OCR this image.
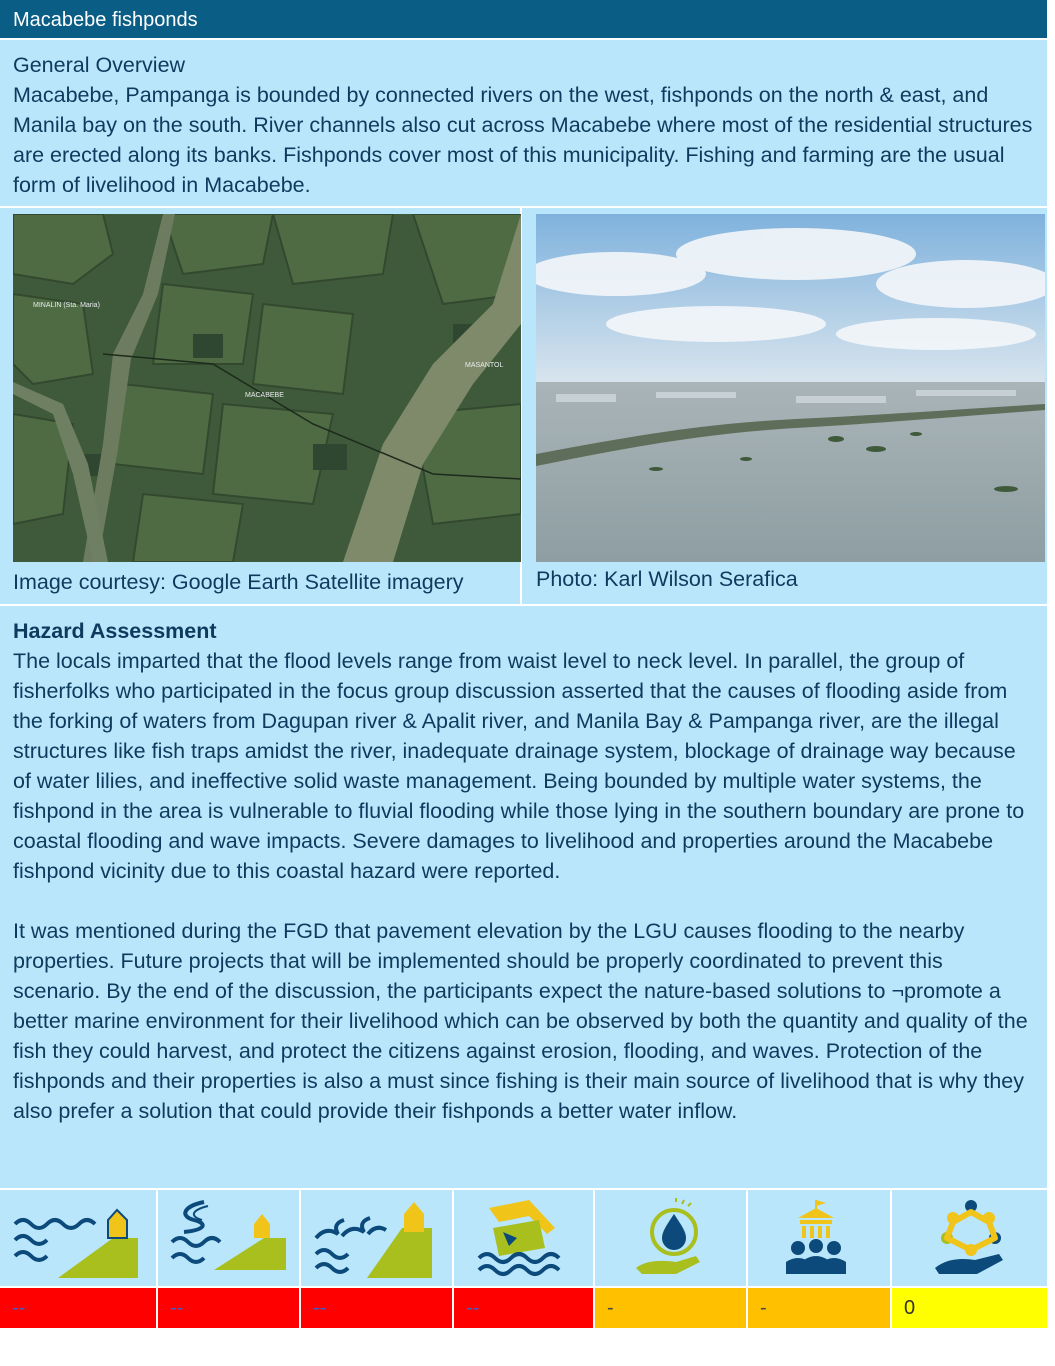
Macabebe fishponds
General Overview
Macabebe, Pampanga is bounded by connected rivers on the west, fishponds on the north & east, and Manila bay on the south. River channels also cut across Macabebe where most of the residential structures are erected along its banks. Fishponds cover most of this municipality. Fishing and farming are the usual form of livelihood in Macabebe.
MINALIN (Sta. Maria)
MACABEBE
MASANTOL
Image courtesy: Google Earth Satellite imagery	Photo: Karl Wilson Serafica
Hazard Assessment

The locals imparted that the flood levels range from waist level to neck level. In parallel, the group of fisherfolks who participated in the focus group discussion asserted that the causes of flooding aside from the forking of waters from Dagupan river & Apalit river, and Manila Bay & Pampanga river, are the illegal structures like fish traps amidst the river, inadequate drainage system, blockage of drainage way because of water lilies, and ineffective solid waste management. Being bounded by multiple water systems, the fishpond in the area is vulnerable to fluvial flooding while those lying in the southern boundary are prone to coastal flooding and wave impacts. Severe damages to livelihood and properties around the Macabebe fishpond vicinity due to this coastal hazard were reported.

It was mentioned during the FGD that pavement elevation by the LGU causes flooding to the nearby properties. Future projects that will be implemented should be properly coordinated to prevent this scenario. By the end of the discussion, the participants expect the nature-based solutions to ¬promote a better marine environment for their livelihood which can be observed by both the quantity and quality of the fish they could harvest, and protect the citizens against erosion, flooding, and waves. Protection of the fishponds and their properties is also a must since fishing is their main source of livelihood that is why they also prefer a solution that could provide their fishponds a better water inflow.

--	--	--	--	-	-	0
